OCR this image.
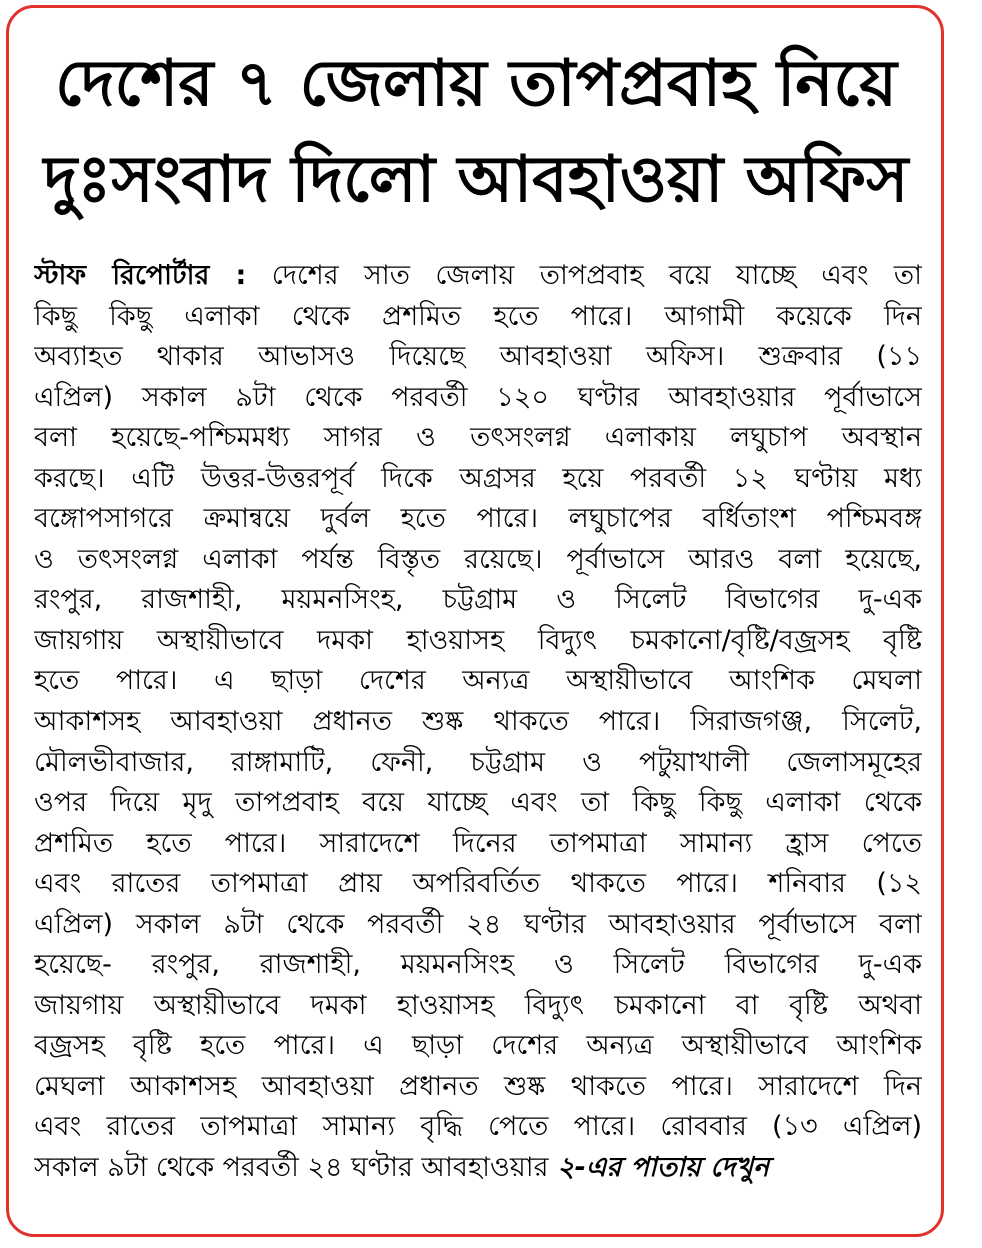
দেশের ৭ জেলায় তাপপ্রবাহ নিয়ে
দুঃসংবাদ দিলো আবহাওয়া অফিস
স্টাফ রিপোর্টার : দেশের সাত জেলায় তাপপ্রবাহ বয়ে যাচ্ছে এবং তা
কিছু কিছু এলাকা থেকে প্রশমিত হতে পারে। আগামী কয়েকে দিন
অব্যাহত থাকার আভাসও দিয়েছে আবহাওয়া অফিস। শুক্রবার (১১
এপ্রিল) সকাল ৯টা থেকে পরবর্তী ১২০ ঘণ্টার আবহাওয়ার পূর্বাভাসে
বলা হয়েছে-পশ্চিমমধ্য সাগর ও তৎসংলগ্ন এলাকায় লঘুচাপ অবস্থান
করছে। এটি উত্তর-উত্তরপূর্ব দিকে অগ্রসর হয়ে পরবর্তী ১২ ঘণ্টায় মধ্য
বঙ্গোপসাগরে ক্রমান্বয়ে দুর্বল হতে পারে। লঘুচাপের বর্ধিতাংশ পশ্চিমবঙ্গ
ও তৎসংলগ্ন এলাকা পর্যন্ত বিস্তৃত রয়েছে। পূর্বাভাসে আরও বলা হয়েছে,
রংপুর, রাজশাহী, ময়মনসিংহ, চট্টগ্রাম ও সিলেট বিভাগের দু-এক
জায়গায় অস্থায়ীভাবে দমকা হাওয়াসহ বিদ্যুৎ চমকানো/বৃষ্টি/বজ্রসহ বৃষ্টি
হতে পারে। এ ছাড়া দেশের অন্যত্র অস্থায়ীভাবে আংশিক মেঘলা
আকাশসহ আবহাওয়া প্রধানত শুষ্ক থাকতে পারে। সিরাজগঞ্জ, সিলেট,
মৌলভীবাজার, রাঙ্গামাটি, ফেনী, চট্টগ্রাম ও পটুয়াখালী জেলাসমূহের
ওপর দিয়ে মৃদু তাপপ্রবাহ বয়ে যাচ্ছে এবং তা কিছু কিছু এলাকা থেকে
প্রশমিত হতে পারে। সারাদেশে দিনের তাপমাত্রা সামান্য হ্রাস পেতে
এবং রাতের তাপমাত্রা প্রায় অপরিবর্তিত থাকতে পারে। শনিবার (১২
এপ্রিল) সকাল ৯টা থেকে পরবর্তী ২৪ ঘণ্টার আবহাওয়ার পূর্বাভাসে বলা
হয়েছে- রংপুর, রাজশাহী, ময়মনসিংহ ও সিলেট বিভাগের দু-এক
জায়গায় অস্থায়ীভাবে দমকা হাওয়াসহ বিদ্যুৎ চমকানো বা বৃষ্টি অথবা
বজ্রসহ বৃষ্টি হতে পারে। এ ছাড়া দেশের অন্যত্র অস্থায়ীভাবে আংশিক
মেঘলা আকাশসহ আবহাওয়া প্রধানত শুষ্ক থাকতে পারে। সারাদেশে দিন
এবং রাতের তাপমাত্রা সামান্য বৃদ্ধি পেতে পারে। রোববার (১৩ এপ্রিল)
সকাল ৯টা থেকে পরবর্তী ২৪ ঘণ্টার আবহাওয়ার ২-এর পাতায় দেখুন
